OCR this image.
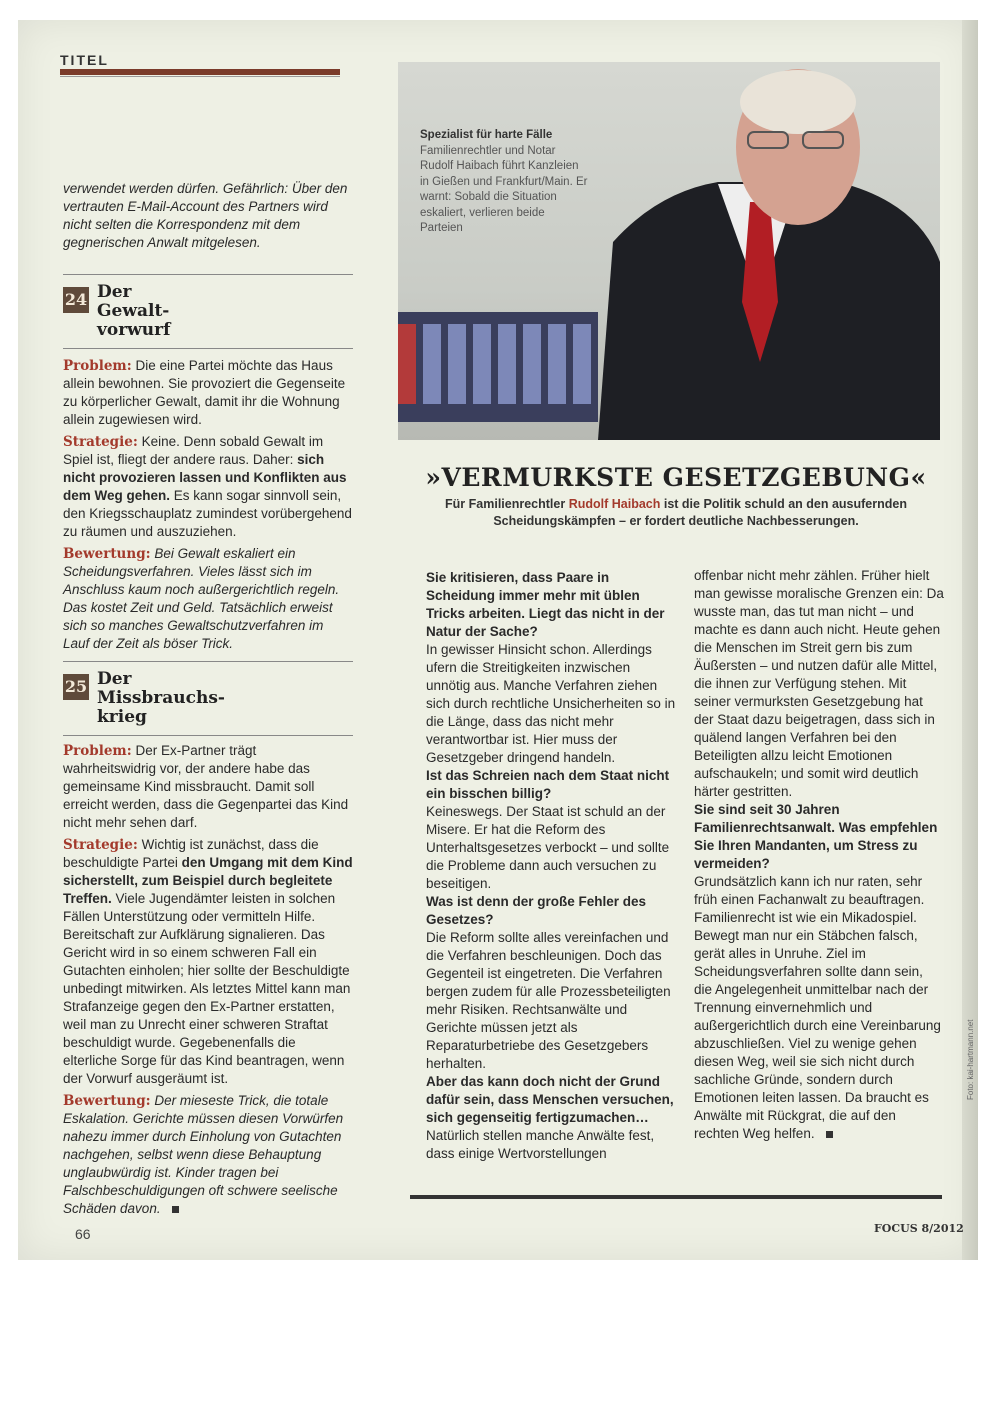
TITEL

verwendet werden dürfen. Gefährlich: Über den vertrauten E-Mail-Account des Partners wird nicht selten die Korrespondenz mit dem gegnerischen Anwalt mitgelesen.

24 Der Gewalt-vorwurf

Problem: Die eine Partei möchte das Haus allein bewohnen. Sie provoziert die Gegenseite zu körperlicher Gewalt, damit ihr die Wohnung allein zugewiesen wird.

Strategie: Keine. Denn sobald Gewalt im Spiel ist, fliegt der andere raus. Daher: sich nicht provozieren lassen und Konflikten aus dem Weg gehen. Es kann sogar sinnvoll sein, den Kriegsschauplatz zumindest vorübergehend zu räumen und auszuziehen.

Bewertung: Bei Gewalt eskaliert ein Scheidungsverfahren. Vieles lässt sich im Anschluss kaum noch außergerichtlich regeln. Das kostet Zeit und Geld. Tatsächlich erweist sich so manches Gewaltschutzverfahren im Lauf der Zeit als böser Trick.

25 Der Missbrauchs-krieg

Problem: Der Ex-Partner trägt wahrheitswidrig vor, der andere habe das gemeinsame Kind missbraucht. Damit soll erreicht werden, dass die Gegenpartei das Kind nicht mehr sehen darf.

Strategie: Wichtig ist zunächst, dass die beschuldigte Partei den Umgang mit dem Kind sicherstellt, zum Beispiel durch begleitete Treffen. Viele Jugendämter leisten in solchen Fällen Unterstützung oder vermitteln Hilfe. Bereitschaft zur Aufklärung signalieren. Das Gericht wird in so einem schweren Fall ein Gutachten einholen; hier sollte der Beschuldigte unbedingt mitwirken. Als letztes Mittel kann man Strafanzeige gegen den Ex-Partner erstatten, weil man zu Unrecht einer schweren Straftat beschuldigt wurde. Gegebenenfalls die elterliche Sorge für das Kind beantragen, wenn der Vorwurf ausgeräumt ist.

Bewertung: Der mieseste Trick, die totale Eskalation. Gerichte müssen diesen Vorwürfen nahezu immer durch Einholung von Gutachten nachgehen, selbst wenn diese Behauptung unglaubwürdig ist. Kinder tragen bei Falschbeschuldigungen oft schwere seelische Schäden davon.

Spezialist für harte Fälle
Familienrechtler und Notar Rudolf Haibach führt Kanzleien in Gießen und Frankfurt/Main. Er warnt: Sobald die Situation eskaliert, verlieren beide Parteien
»VERMURKSTE GESETZGEBUNG«
Für Familienrechtler Rudolf Haibach ist die Politik schuld an den ausufernden Scheidungskämpfen – er fordert deutliche Nachbesserungen.
Sie kritisieren, dass Paare in Scheidung immer mehr mit üblen Tricks arbeiten. Liegt das nicht in der Natur der Sache?
In gewisser Hinsicht schon. Allerdings ufern die Streitigkeiten inzwischen unnötig aus. Manche Verfahren ziehen sich durch rechtliche Unsicherheiten so in die Länge, dass das nicht mehr verantwortbar ist. Hier muss der Gesetzgeber dringend handeln.
Ist das Schreien nach dem Staat nicht ein bisschen billig?
Keineswegs. Der Staat ist schuld an der Misere. Er hat die Reform des Unterhaltsgesetzes verbockt – und sollte die Probleme dann auch versuchen zu beseitigen.
Was ist denn der große Fehler des Gesetzes?
Die Reform sollte alles vereinfachen und die Verfahren beschleunigen. Doch das Gegenteil ist eingetreten. Die Verfahren bergen zudem für alle Prozessbeteiligten mehr Risiken. Rechtsanwälte und Gerichte müssen jetzt als Reparaturbetriebe des Gesetzgebers herhalten.
Aber das kann doch nicht der Grund dafür sein, dass Menschen versuchen, sich gegenseitig fertigzumachen…
Natürlich stellen manche Anwälte fest, dass einige Wertvorstellungen
offenbar nicht mehr zählen. Früher hielt man gewisse moralische Grenzen ein: Da wusste man, das tut man nicht – und machte es dann auch nicht. Heute gehen die Menschen im Streit gern bis zum Äußersten – und nutzen dafür alle Mittel, die ihnen zur Verfügung stehen. Mit seiner vermurksten Gesetzgebung hat der Staat dazu beigetragen, dass sich in quälend langen Verfahren bei den Beteiligten allzu leicht Emotionen aufschaukeln; und somit wird deutlich härter gestritten.
Sie sind seit 30 Jahren Familienrechtsanwalt. Was empfehlen Sie Ihren Mandanten, um Stress zu vermeiden?
Grundsätzlich kann ich nur raten, sehr früh einen Fachanwalt zu beauftragen. Familienrecht ist wie ein Mikadospiel. Bewegt man nur ein Stäbchen falsch, gerät alles in Unruhe. Ziel im Scheidungsverfahren sollte dann sein, die Angelegenheit unmittelbar nach der Trennung einvernehmlich und außergerichtlich durch eine Vereinbarung abzuschließen. Viel zu wenige gehen diesen Weg, weil sie sich nicht durch sachliche Gründe, sondern durch Emotionen leiten lassen. Da braucht es Anwälte mit Rückgrat, die auf den rechten Weg helfen.
66	FOCUS 8/2012
Foto: kai-hartmann.net
